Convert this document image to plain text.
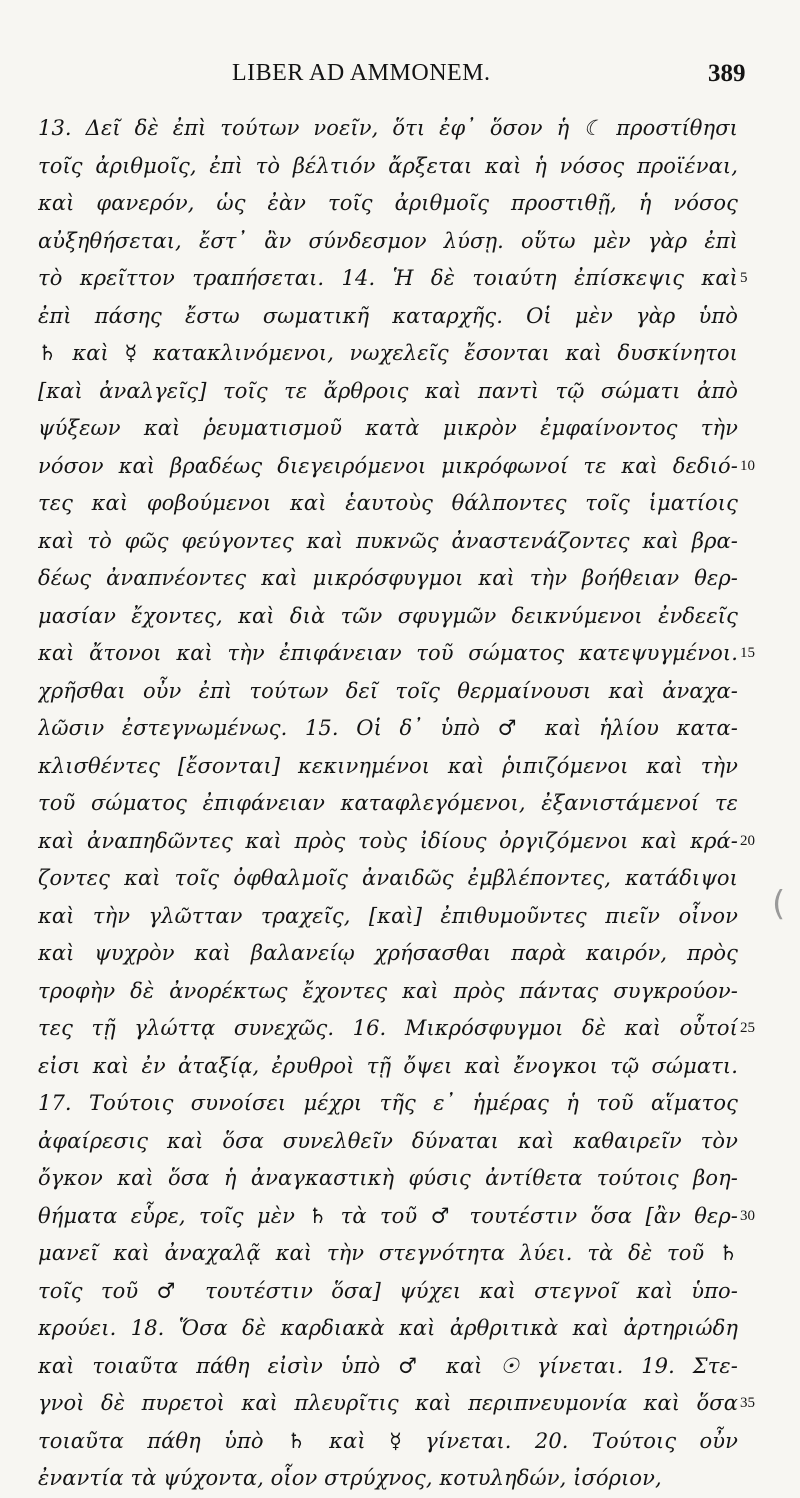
LIBER AD AMMONEM.	389
13. Δεῖ δὲ ἐπὶ τούτων νοεῖν, ὅτι ἐφ᾽ ὅσον ἡ ☾ προστίθησι
τοῖς ἀριθμοῖς, ἐπὶ τὸ βέλτιόν ἄρξεται καὶ ἡ νόσος προϊέναι,
καὶ φανερόν, ὡς ἐὰν τοῖς ἀριθμοῖς προστιθῇ, ἡ νόσος
αὐξηθήσεται, ἔστ᾽ ἂν σύνδεσμον λύσῃ. οὕτω μὲν γὰρ ἐπὶ
τὸ κρεῖττον τραπήσεται. 14. Ἡ δὲ τοιαύτη ἐπίσκεψις καὶ
ἐπὶ πάσης ἔστω σωματικῆ καταρχῆς. Οἱ μὲν γὰρ ὑπὸ
♄ καὶ ☿ κατακλινόμενοι, νωχελεῖς ἔσονται καὶ δυσκίνητοι
[καὶ ἀναλγεῖς] τοῖς τε ἄρθροις καὶ παντὶ τῷ σώματι ἀπὸ
ψύξεων καὶ ῥευματισμοῦ κατὰ μικρὸν ἐμφαίνοντος τὴν
νόσον καὶ βραδέως διεγειρόμενοι μικρόφωνοί τε καὶ δεδιό-
τες καὶ φοβούμενοι καὶ ἑαυτοὺς θάλποντες τοῖς ἱματίοις
καὶ τὸ φῶς φεύγοντες καὶ πυκνῶς ἀναστενάζοντες καὶ βρα-
δέως ἀναπνέοντες καὶ μικρόσφυγμοι καὶ τὴν βοήθειαν θερ-
μασίαν ἔχοντες, καὶ διὰ τῶν σφυγμῶν δεικνύμενοι ἐνδεεῖς
καὶ ἄτονοι καὶ τὴν ἐπιφάνειαν τοῦ σώματος κατεψυγμένοι.
χρῆσθαι οὖν ἐπὶ τούτων δεῖ τοῖς θερμαίνουσι καὶ ἀναχα-
λῶσιν ἐστεγνωμένως. 15. Οἱ δ᾽ ὑπὸ ♂ καὶ ἡλίου κατα-
κλισθέντες [ἔσονται] κεκινημένοι καὶ ῥιπιζόμενοι καὶ τὴν
τοῦ σώματος ἐπιφάνειαν καταφλεγόμενοι, ἐξανιστάμενοί τε
καὶ ἀναπηδῶντες καὶ πρὸς τοὺς ἰδίους ὀργιζόμενοι καὶ κρά-
ζοντες καὶ τοῖς ὀφθαλμοῖς ἀναιδῶς ἐμβλέποντες, κατάδιψοι
καὶ τὴν γλῶτταν τραχεῖς, [καὶ] ἐπιθυμοῦντες πιεῖν οἶνον
καὶ ψυχρὸν καὶ βαλανείῳ χρήσασθαι παρὰ καιρόν, πρὸς
τροφὴν δὲ ἀνορέκτως ἔχοντες καὶ πρὸς πάντας συγκρούον-
τες τῇ γλώττᾳ συνεχῶς. 16. Μικρόσφυγμοι δὲ καὶ οὗτοί
εἰσι καὶ ἐν ἀταξίᾳ, ἐρυθροὶ τῇ ὄψει καὶ ἔνογκοι τῷ σώματι.
17. Τούτοις συνοίσει μέχρι τῆς ε᾽ ἡμέρας ἡ τοῦ αἵματος
ἀφαίρεσις καὶ ὅσα συνελθεῖν δύναται καὶ καθαιρεῖν τὸν
ὄγκον καὶ ὅσα ἡ ἀναγκαστικὴ φύσις ἀντίθετα τούτοις βοη-
θήματα εὗρε, τοῖς μὲν ♄ τὰ τοῦ ♂ τουτέστιν ὅσα [ἂν θερ-
μανεῖ καὶ ἀναχαλᾷ καὶ τὴν στεγνότητα λύει. τὰ δὲ τοῦ ♄
τοῖς τοῦ ♂ τουτέστιν ὅσα] ψύχει καὶ στεγνοῖ καὶ ὑπο-
κρούει. 18. Ὅσα δὲ καρδιακὰ καὶ ἀρθριτικὰ καὶ ἀρτηριώδη
καὶ τοιαῦτα πάθη εἰσὶν ὑπὸ ♂ καὶ ☉ γίνεται. 19. Στε-
γνοὶ δὲ πυρετοὶ καὶ πλευρῖτις καὶ περιπνευμονία καὶ ὅσα
τοιαῦτα πάθη ὑπὸ ♄ καὶ ☿ γίνεται. 20. Τούτοις οὖν
ἐναντία τὰ ψύχοντα, οἷον στρύχνος, κοτυληδών, ἰσόριον,
5
10
15
20
25
30
35
(
